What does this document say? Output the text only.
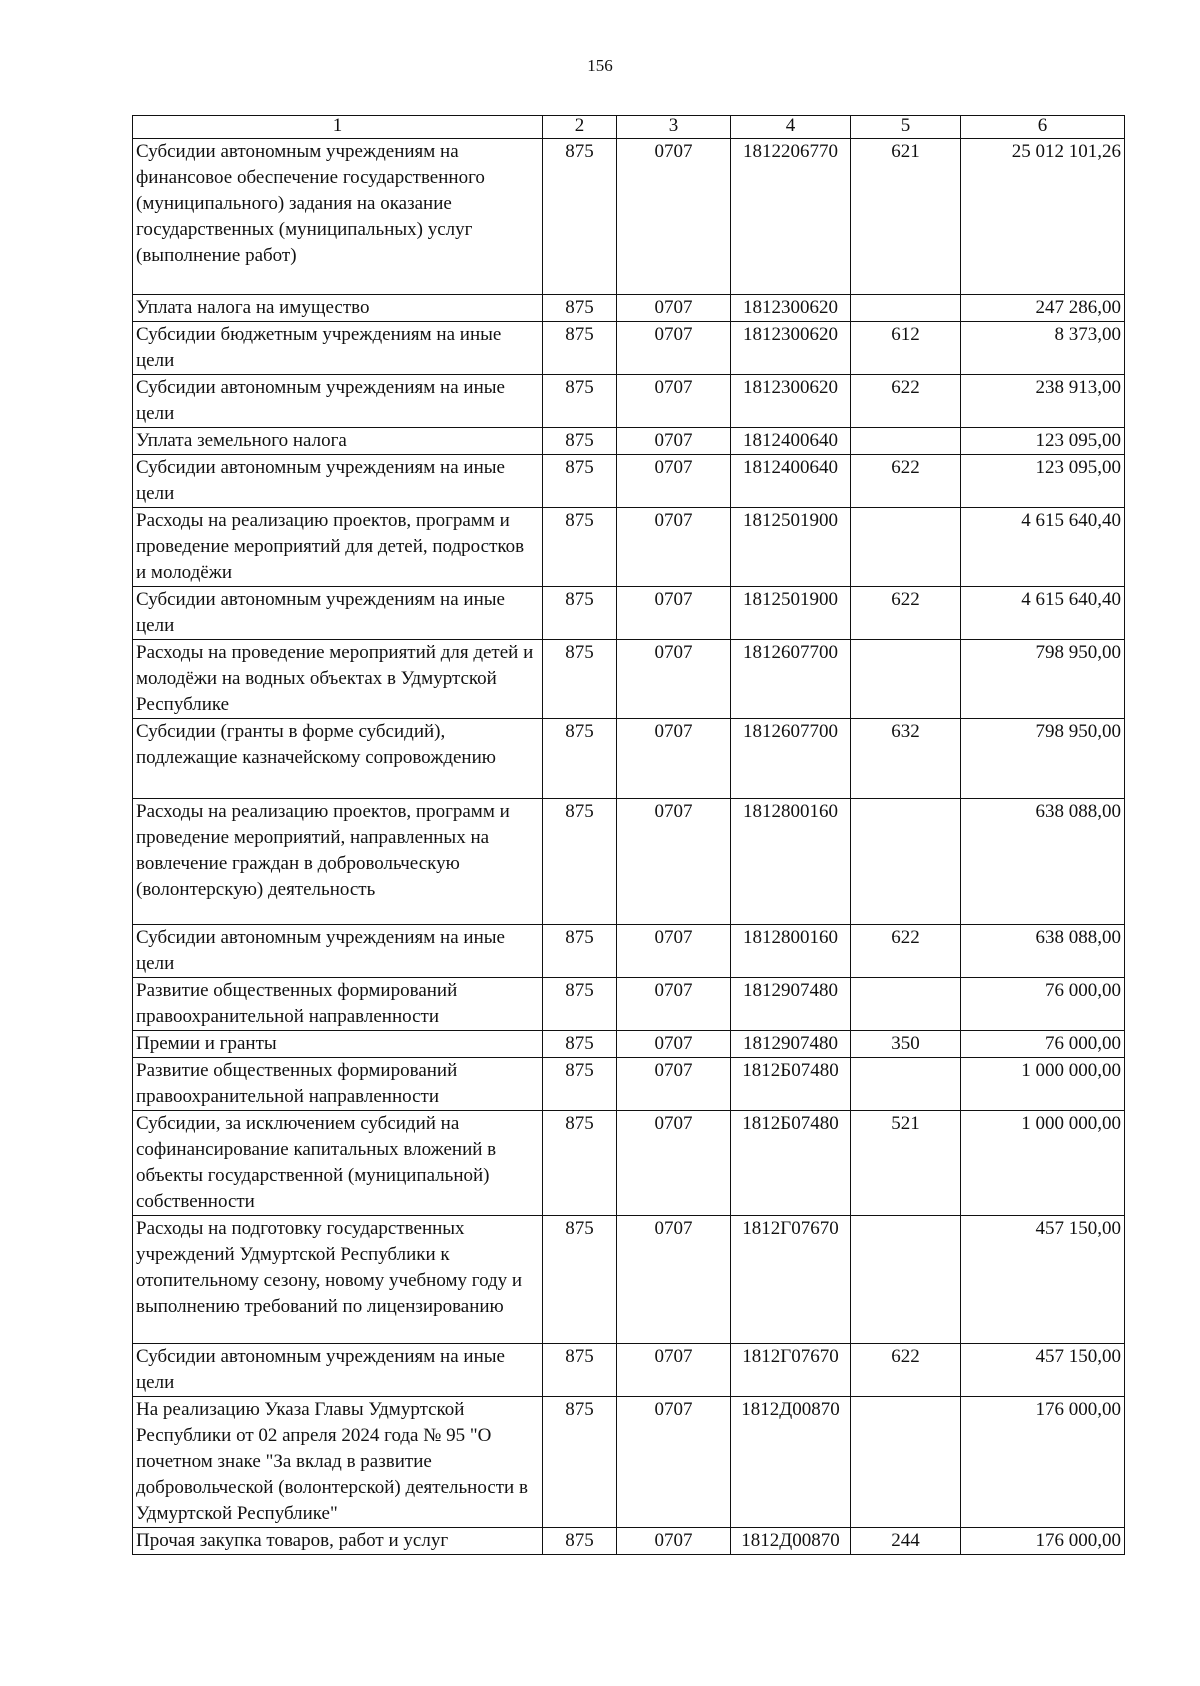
156
1	2	3	4	5	6
Субсидии автономным учреждениям на финансовое обеспечение государственного (муниципального) задания на оказание государственных (муниципальных) услуг (выполнение работ)	875	0707	1812206770	621	25 012 101,26
Уплата налога на имущество	875	0707	1812300620		247 286,00
Субсидии бюджетным учреждениям на иные цели	875	0707	1812300620	612	8 373,00
Субсидии автономным учреждениям на иные цели	875	0707	1812300620	622	238 913,00
Уплата земельного налога	875	0707	1812400640		123 095,00
Субсидии автономным учреждениям на иные цели	875	0707	1812400640	622	123 095,00
Расходы на реализацию проектов, программ и проведение мероприятий для детей, подростков и молодёжи	875	0707	1812501900		4 615 640,40
Субсидии автономным учреждениям на иные цели	875	0707	1812501900	622	4 615 640,40
Расходы на проведение мероприятий для детей и молодёжи на водных объектах в Удмуртской Республике	875	0707	1812607700		798 950,00
Субсидии (гранты в форме субсидий), подлежащие казначейскому сопровождению	875	0707	1812607700	632	798 950,00
Расходы на реализацию проектов, программ и проведение мероприятий, направленных на вовлечение граждан в добровольческую (волонтерскую) деятельность	875	0707	1812800160		638 088,00
Субсидии автономным учреждениям на иные цели	875	0707	1812800160	622	638 088,00
Развитие общественных формирований правоохранительной направленности	875	0707	1812907480		76 000,00
Премии и гранты	875	0707	1812907480	350	76 000,00
Развитие общественных формирований правоохранительной направленности	875	0707	1812Б07480		1 000 000,00
Субсидии, за исключением субсидий на софинансирование капитальных вложений в объекты государственной (муниципальной) собственности	875	0707	1812Б07480	521	1 000 000,00
Расходы на подготовку государственных учреждений Удмуртской Республики к отопительному сезону, новому учебному году и выполнению требований по лицензированию	875	0707	1812Г07670		457 150,00
Субсидии автономным учреждениям на иные цели	875	0707	1812Г07670	622	457 150,00
На реализацию Указа Главы Удмуртской Республики от 02 апреля 2024 года № 95 "О почетном знаке "За вклад в развитие добровольческой (волонтерской) деятельности в Удмуртской Республике"	875	0707	1812Д00870		176 000,00
Прочая закупка товаров, работ и услуг	875	0707	1812Д00870	244	176 000,00
